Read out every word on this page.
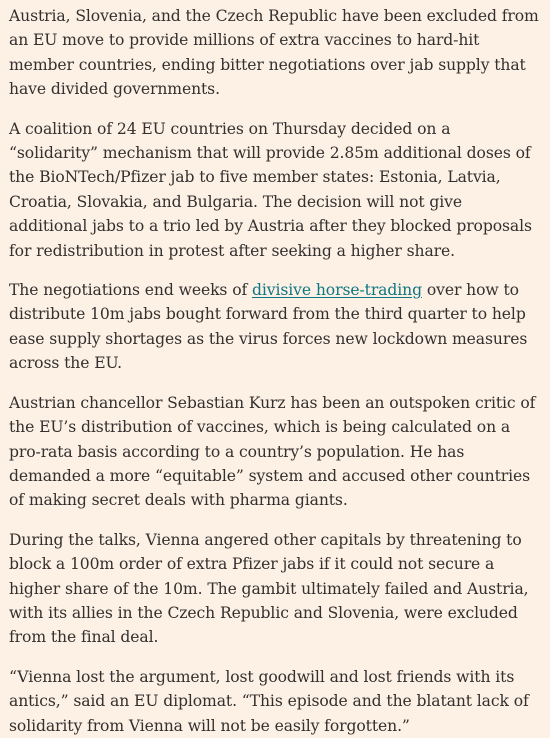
Austria, Slovenia, and the Czech Republic have been excluded from an EU move to provide millions of extra vaccines to hard-hit member countries, ending bitter negotiations over jab supply that have divided governments.

A coalition of 24 EU countries on Thursday decided on a “solidarity” mechanism that will provide 2.85m additional doses of the BioNTech/Pfizer jab to five member states: Estonia, Latvia, Croatia, Slovakia, and Bulgaria. The decision will not give additional jabs to a trio led by Austria after they blocked proposals for redistribution in protest after seeking a higher share.

The negotiations end weeks of divisive horse-trading over how to distribute 10m jabs bought forward from the third quarter to help ease supply shortages as the virus forces new lockdown measures across the EU.

Austrian chancellor Sebastian Kurz has been an outspoken critic of the EU’s distribution of vaccines, which is being calculated on a pro-rata basis according to a country’s population. He has demanded a more “equitable” system and accused other countries of making secret deals with pharma giants.

During the talks, Vienna angered other capitals by threatening to block a 100m order of extra Pfizer jabs if it could not secure a higher share of the 10m. The gambit ultimately failed and Austria, with its allies in the Czech Republic and Slovenia, were excluded from the final deal.

“Vienna lost the argument, lost goodwill and lost friends with its antics,” said an EU diplomat. “This episode and the blatant lack of solidarity from Vienna will not be easily forgotten.”
